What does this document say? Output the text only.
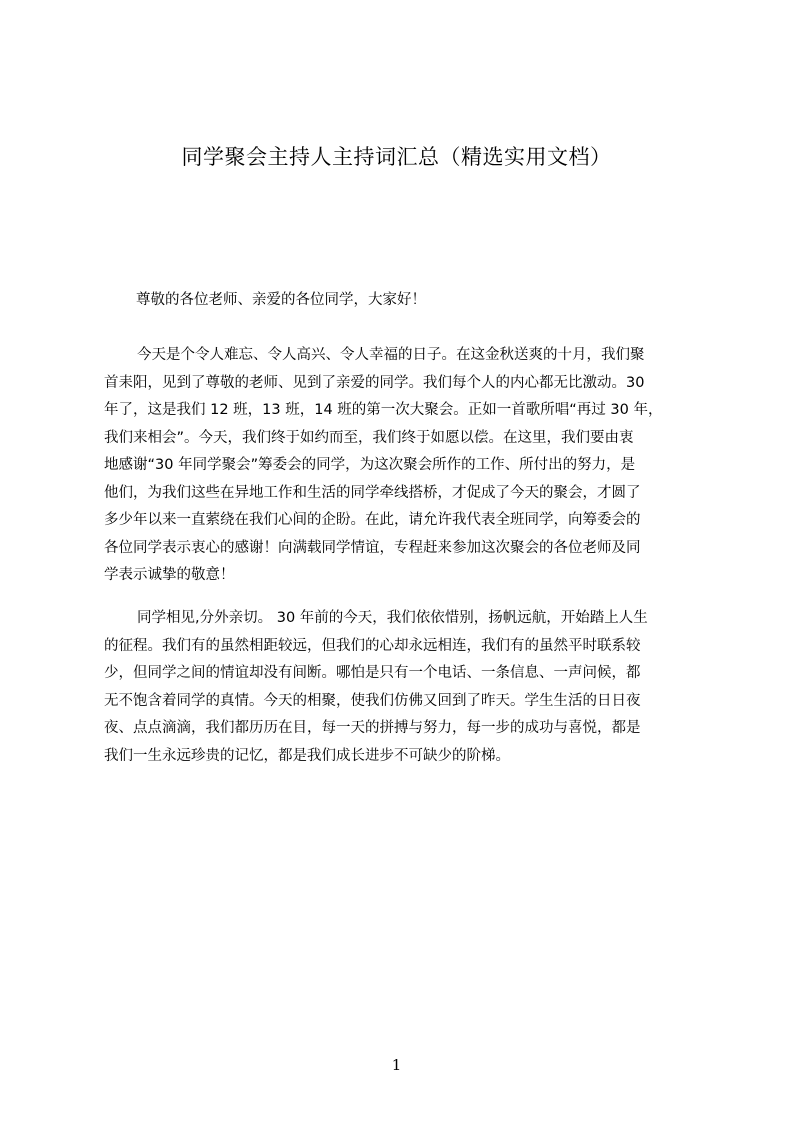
同学聚会主持人主持词汇总（精选实用文档）
尊敬的各位老师、亲爱的各位同学，大家好！
今天是个令人难忘、令人高兴、令人幸福的日子。在这金秋送爽的十月，我们聚
首耒阳，见到了尊敬的老师、见到了亲爱的同学。我们每个人的内心都无比激动。30
年了，这是我们 12 班，13 班，14 班的第一次大聚会。正如一首歌所唱“再过 30 年，
我们来相会”。今天，我们终于如约而至，我们终于如愿以偿。在这里，我们要由衷
地感谢“30 年同学聚会”筹委会的同学，为这次聚会所作的工作、所付出的努力，是
他们，为我们这些在异地工作和生活的同学牵线搭桥，才促成了今天的聚会，才圆了
多少年以来一直萦绕在我们心间的企盼。在此，请允许我代表全班同学，向筹委会的
各位同学表示衷心的感谢！向满载同学情谊，专程赶来参加这次聚会的各位老师及同
学表示诚挚的敬意！
同学相见,分外亲切。 30 年前的今天，我们依依惜别，扬帆远航，开始踏上人生
的征程。我们有的虽然相距较远，但我们的心却永远相连，我们有的虽然平时联系较
少，但同学之间的情谊却没有间断。哪怕是只有一个电话、一条信息、一声问候，都
无不饱含着同学的真情。今天的相聚，使我们仿佛又回到了昨天。学生生活的日日夜
夜、点点滴滴，我们都历历在目，每一天的拼搏与努力，每一步的成功与喜悦，都是
我们一生永远珍贵的记忆，都是我们成长进步不可缺少的阶梯。
1
